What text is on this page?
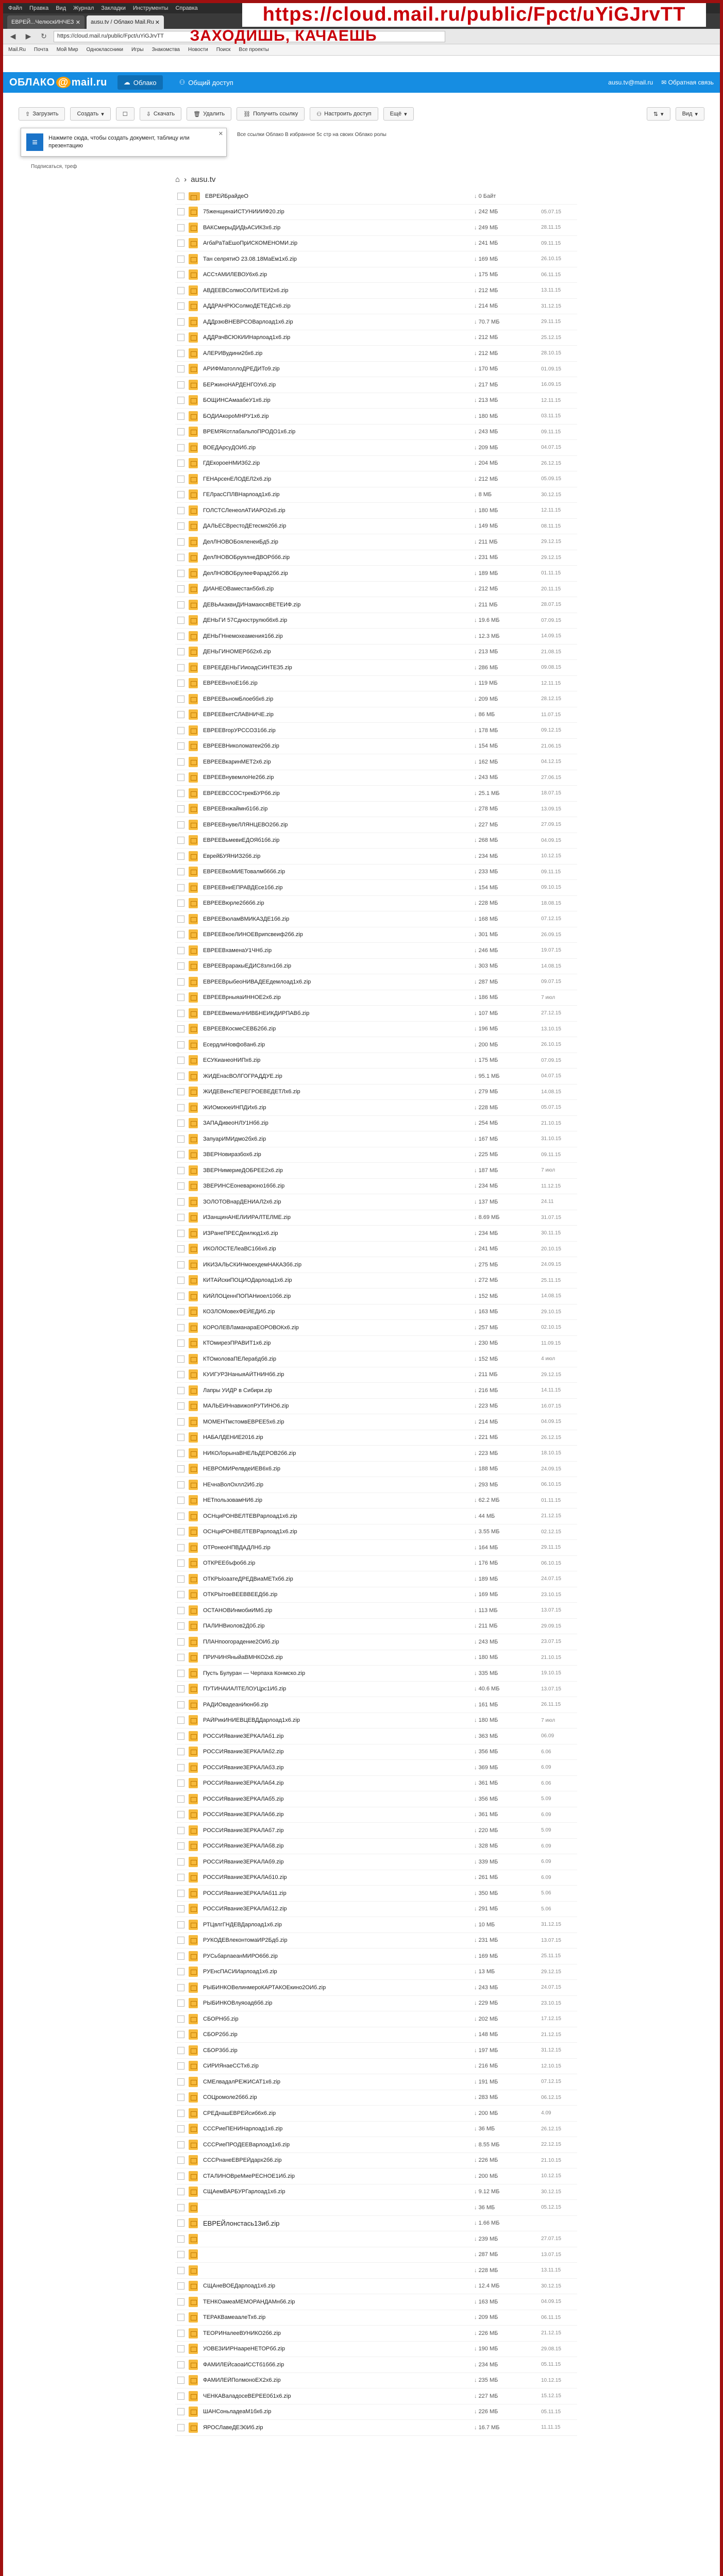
Файл Правка Вид Журнал Закладки Инструменты Справка
EBPEЙ...ЧелюскИНЧЕЗ ✕ ausu.tv / Облако Mail.Ru ✕
◀	▶	↻	https://cloud.mail.ru/public/Fpct/uYiGJrvTT
Mail.Ru Почта Мой Мир Одноклассники Игры Знакомства Новости Поиск Все проекты
https://cloud.mail.ru/public/Fpct/uYiGJrvTT
ЗАХОДИШЬ, КАЧАЕШЬ
ОБЛАКО @ mail.ru ☁ Облако	⚇ Общий доступ	ausu.tv@mail.ru ✉ Обратная связь
⇧ Загрузить	Создать ▾	☐	⇩ Скачать	🗑 Удалить	⛓ Получить ссылку	⚇ Настроить доступ	Ещё ▾	⇅ ▾	Вид ▾
≡	Нажмите сюда, чтобы создать документ, таблицу или презентацию
✕
Подписаться, треф
Все ссылки Облако В избранное 5с стр на своих Облако ролы
⌂ › ausu.tv
EBPEЙБрайдеО	↓ 0 Байт
75женщинаИСТУНИИИФ20.zip	↓ 242 МБ	05.07.15
ВАКСмерыДИДЬАСИК3х6.zip	↓ 249 МБ	28.11.15
АгбаРаТаЕшоПрИСКОМЕНОМИ.zip	↓ 241 МБ	09.11.15
Тан селрятиО 23.08.18МаЕм1хб.zip	↓ 169 МБ	26.10.15
АССтАМИЛЕВОУ6х6.zip	↓ 175 МБ	06.11.15
АВДЕЕВСолмоСОЛИТЕИ2х6.zip	↓ 212 МБ	13.11.15
АДДРАНРЮСолмоДЕТЕДСх6.zip	↓ 214 МБ	31.12.15
АДДрзюВНЕВРСОВарлоад1х6.zip	↓ 70.7 МБ	29.11.15
АДДРачВСЮКИИНарлоад1х6.zip	↓ 212 МБ	25.12.15
АЛЕРИВудини2бх6.zip	↓ 212 МБ	28.10.15
АРИФМатоллоДРЕДИТо9.zip	↓ 170 МБ	01.09.15
БЕРжиноНАРДЕНГОУх6.zip	↓ 217 МБ	16.09.15
БОЩИНСАмаабеУ1х6.zip	↓ 213 МБ	12.11.15
БОДИАкороМНРУ1х6.zip	↓ 180 МБ	03.11.15
ВРЕМЯКотлабальпоПРОДО1х6.zip	↓ 243 МБ	09.11.15
ВОЕДАрсуДОИб.zip	↓ 209 МБ	04.07.15
ГДЕкороеНМИ3б2.zip	↓ 204 МБ	26.12.15
ГЕНАрсенЕЛОДЕЛ2х6.zip	↓ 212 МБ	05.09.15
ГЕЛрасСПЛВНарлоад1х6.zip	↓ 8 МБ	30.12.15
ГОЛСТСЛенеолАТИАРО2х6.zip	↓ 180 МБ	12.11.15
ДАЛЬЕСВрестоДЕтесмя2б6.zip	↓ 149 МБ	08.11.15
ДелЛНОВОБояленеиБд5.zip	↓ 211 МБ	29.12.15
ДелЛНОВОБруялнеДВОРбб6.zip	↓ 231 МБ	29.12.15
ДелЛНОВОБрулееФарад2б6.zip	↓ 189 МБ	01.11.15
ДИАНЕОВаместан5бх6.zip	↓ 212 МБ	20.11.15
ДЕВЬАкаквиДИНамаюсяВЕТЕИФ.zip	↓ 211 МБ	28.07.15
ДЕНЬГИ 57Сднострулюб6х6.zip	↓ 19.6 МБ	07.09.15
ДЕНЬГНнемохеамения1б6.zip	↓ 12.3 МБ	14.09.15
ДЕНЬГИНОМЕРбб2х6.zip	↓ 213 МБ	21.08.15
ЕВРЕЕДЕНЬГИиоадСИНТЕЗ5.zip	↓ 286 МБ	09.08.15
ЕВРЕЕВнлоЕ1б6.zip	↓ 119 МБ	12.11.15
ЕВРЕЕВьномБлоеббх6.zip	↓ 209 МБ	28.12.15
ЕВРЕЕВкетСЛАВНИЧЕ.zip	↓ 86 МБ	11.07.15
ЕВРЕЕВгорУРССОЗ1б6.zip	↓ 178 МБ	09.12.15
ЕВРЕЕВНиколоматеи2б6.zip	↓ 154 МБ	21.06.15
ЕВРЕЕВкаринМЕТ2х6.zip	↓ 162 МБ	04.12.15
ЕВРЕЕВнувемлоНе2б6.zip	↓ 243 МБ	27.06.15
ЕВРЕЕВССОСтрекБУРб6.zip	↓ 25.1 МБ	18.07.15
ЕВРЕЕВнжаймнб1б6.zip	↓ 278 МБ	13.09.15
ЕВРЕЕВнувеЛЛЯНЦЕВО2б6.zip	↓ 227 МБ	27.09.15
ЕВРЕЕВьмевиЕДОЯб1б6.zip	↓ 268 МБ	04.09.15
ЕврейБУЯНИЗ2б6.zip	↓ 234 МБ	10.12.15
ЕВРЕЕВкоМИЕТовалмб6б6.zip	↓ 233 МБ	09.11.15
ЕВРЕЕВниЕПРАВДЕсе1б6.zip	↓ 154 МБ	09.10.15
ЕВРЕЕВюрле2б6б6.zip	↓ 228 МБ	18.08.15
ЕВРЕЕВюламВМИКАЗДЕ1б6.zip	↓ 168 МБ	07.12.15
ЕВРЕЕВкоеЛИНОЕВрипсвеиф2б6.zip	↓ 301 МБ	26.09.15
ЕВРЕЕВхаменаУ1ЧНб.zip	↓ 246 МБ	19.07.15
ЕВРЕЕВраракыЕДИС8злн1б6.zip	↓ 303 МБ	14.08.15
ЕВРЕЕВрыбеоНИВАДЕЕдемлоад1х6.zip	↓ 287 МБ	09.07.15
ЕВРЕЕВрныяаИННОЕ2х6.zip	↓ 186 МБ	7 июл
ЕВРЕЕВмемалНИВБНЕИКДИРПАВб.zip	↓ 107 МБ	27.12.15
ЕВРЕЕВКосмеСЕВБ2б6.zip	↓ 196 МБ	13.10.15
ЕсердлиНовфо8ан6.zip	↓ 200 МБ	26.10.15
ЕСУКианеоНИПх6.zip	↓ 175 МБ	07.09.15
ЖИДЕнасВОЛГОГРАДДУЕ.zip	↓ 95.1 МБ	04.07.15
ЖИДЕВенсПЕРЕГРОЕВЕДЕТЛх6.zip	↓ 279 МБ	14.08.15
ЖИОмоюеИНПДИх6.zip	↓ 228 МБ	05.07.15
ЗАПАДивеоНЛУ1Нб6.zip	↓ 254 МБ	21.10.15
ЗапуарИМИдмо2бх6.zip	↓ 167 МБ	31.10.15
ЗВЕРНовиразбох6.zip	↓ 225 МБ	09.11.15
ЗВЕРНимериеДОБРЕЕ2х6.zip	↓ 187 МБ	7 июл
ЗВЕРИНСЕоневарюно16б6.zip	↓ 234 МБ	11.12.15
ЗОЛОТОВнарДЕНИАЛ2х6.zip	↓ 137 МБ	24.11
ИЗанщинАНЕЛИИРАЛТЕЛМЕ.zip	↓ 8.69 МБ	31.07.15
ИЗРанеПРЕСДеилюд1х6.zip	↓ 234 МБ	30.11.15
ИКОЛОСТЕЛеаВС1б6х6.zip	↓ 241 МБ	20.10.15
ИКИЗАЛЬСКИНмоехдемНАКАЗб6.zip	↓ 275 МБ	24.09.15
КИТАЙскиПОЦИОДарлоад1х6.zip	↓ 272 МБ	25.11.15
КИЙЛОЦеннПОПАНиоел10б6.zip	↓ 152 МБ	14.08.15
КОЗЛОМовехФЕЙЕДИб.zip	↓ 163 МБ	29.10.15
КОРОЛЕВЛаманараЕОРОВОКх6.zip	↓ 257 МБ	02.10.15
КТОмиреэПРАВИТ1х6.zip	↓ 230 МБ	11.09.15
КТОмоловаПЕЛера6дб6.zip	↓ 152 МБ	4 июл
КУИГУРЗНаныяАЙТНИНб6.zip	↓ 211 МБ	29.12.15
Лапры УИДР в Сибири.zip	↓ 216 МБ	14.11.15
МАЛЬЕИНнавижопРУТИНО6.zip	↓ 223 МБ	16.07.15
МОМЕНТмстомвЕВРЕЕ5х6.zip	↓ 214 МБ	04.09.15
НАБАЛДЕНИЕ2016.zip	↓ 221 МБ	26.12.15
НИКОЛорынаВНЕЛЬДЕРОВ2б6.zip	↓ 223 МБ	18.10.15
НЕВРОМИРелвдеИЕВ6х6.zip	↓ 188 МБ	24.09.15
НЕчнаВолОхлл2Иб.zip	↓ 293 МБ	06.10.15
НЕТпользовамНИ6.zip	↓ 62.2 МБ	01.11.15
ОСНциРОНВЕЛТЕВРарлоад1х6.zip	↓ 44 МБ	21.12.15
ОСНциРОНВЕЛТЕВРарлоад1х6.zip	↓ 3.55 МБ	02.12.15
ОТРонеоНПВДАДЛНб.zip	↓ 164 МБ	29.11.15
ОТКРЕЕбъфоб6.zip	↓ 176 МБ	06.10.15
ОТКРЫоаатеДРЕДВиаМЕТхб6.zip	↓ 189 МБ	24.07.15
ОТКРЫтоеВЕЕВВЕЕДб6.zip	↓ 169 МБ	23.10.15
ОСТАНОВИнмобиИМб.zip	↓ 113 МБ	13.07.15
ПАЛИНВиолов2Д0б.zip	↓ 211 МБ	29.09.15
ПЛАНпоогорадение2ОИб.zip	↓ 243 МБ	23.07.15
ПРИЧИНЯныйаВМНКО2х6.zip	↓ 180 МБ	21.10.15
Пусть Булуран — Черпаха Конмско.zip	↓ 335 МБ	19.10.15
ПУТИНАИАЛТЕЛОУЦрс1Иб.zip	↓ 40.6 МБ	13.07.15
РАДИОвадеанИюнб6.zip	↓ 161 МБ	26.11.15
РАЙРикИНИЕВЦЕВДДарлоад1х6.zip	↓ 180 МБ	7 июл
РОССИЯвание3ЕРКАЛАб1.zip	↓ 363 МБ	06.09
РОССИЯвание3ЕРКАЛАб2.zip	↓ 356 МБ	6.06
РОССИЯвание3ЕРКАЛАб3.zip	↓ 369 МБ	6.09
РОССИЯвание3ЕРКАЛАб4.zip	↓ 361 МБ	6.06
РОССИЯвание3ЕРКАЛАб5.zip	↓ 356 МБ	5.09
РОССИЯвание3ЕРКАЛАб6.zip	↓ 361 МБ	6.09
РОССИЯвание3ЕРКАЛАб7.zip	↓ 220 МБ	5.09
РОССИЯвание3ЕРКАЛАб8.zip	↓ 328 МБ	6.09
РОССИЯвание3ЕРКАЛАб9.zip	↓ 339 МБ	6.09
РОССИЯвание3ЕРКАЛАб10.zip	↓ 261 МБ	6.09
РОССИЯвание3ЕРКАЛАб11.zip	↓ 350 МБ	5.06
РОССИЯвание3ЕРКАЛАб12.zip	↓ 291 МБ	5.06
РТЦвлгГНДЕВДарлоад1х6.zip	↓ 10 МБ	31.12.15
РУКОДЕВлеконтомаИР2Бдб.zip	↓ 231 МБ	13.07.15
РУСьбарлаеанМИРО6б6.zip	↓ 169 МБ	25.11.15
РУЕнсПАСИИарлоад1х6.zip	↓ 13 МБ	29.12.15
РЫБИНКОВелинмероКАРТАКОЕкино2ОИб.zip	↓ 243 МБ	24.07.15
РЫБИНКОВлуяоад6б6.zip	↓ 229 МБ	23.10.15
СБОРНбб.zip	↓ 202 МБ	17.12.15
СБОР2бб.zip	↓ 148 МБ	21.12.15
СБОР3бб.zip	↓ 197 МБ	31.12.15
СИРИЯнаеССТх6.zip	↓ 216 МБ	12.10.15
СМЕлвадалРЕЖИСАТ1х6.zip	↓ 191 МБ	07.12.15
СОЦромоле2б6б.zip	↓ 283 МБ	06.12.15
СРЕДнашЕВРЕЙсиб6х6.zip	↓ 200 МБ	4.09
СССРиеПЕНИНарлоад1х6.zip	↓ 36 МБ	26.12.15
СССРиеПРОДЕЕВарлоад1х6.zip	↓ 8.55 МБ	22.12.15
СССРнанеЕВРЕЙдарх2б6.zip	↓ 226 МБ	21.10.15
СТАЛИНОВреМиеРЕСНОЕ1Иб.zip	↓ 200 МБ	10.12.15
СЩАемВАРБУРГарлоад1х6.zip	↓ 9.12 МБ	30.12.15
↓ 36 МБ	05.12.15
ЕВРЕЙлонстась13иб.zip	↓ 1.66 МБ
↓ 239 МБ	27.07.15
↓ 287 МБ	13.07.15
↓ 228 МБ	13.11.15
СЩАнеВОЕДарлоад1х6.zip	↓ 12.4 МБ	30.12.15
ТЕНКОамеаМЕМОРАНДАМнб6.zip	↓ 163 МБ	04.09.15
ТЕРАКВамеаалеТх6.zip	↓ 209 МБ	06.11.15
ТЕОРИНалееВУНИКО2б6.zip	↓ 226 МБ	21.12.15
УОВЕЗИИРНаареНЕТОРбб.zip	↓ 190 МБ	29.08.15
ФАМИЛЕЙсаоаИССТб1бб6.zip	↓ 234 МБ	05.11.15
ФАМИЛЕЙПолмоноЕХ2х6.zip	↓ 235 МБ	10.12.15
ЧЕНКАВаладосеВЕРЕЕ0б1х6.zip	↓ 227 МБ	15.12.15
ШАНСоньладеаМ1бх6.zip	↓ 226 МБ	05.11.15
ЯРОСЛавеДЕЭ0Иб.zip	↓ 16.7 МБ	11.11.15
